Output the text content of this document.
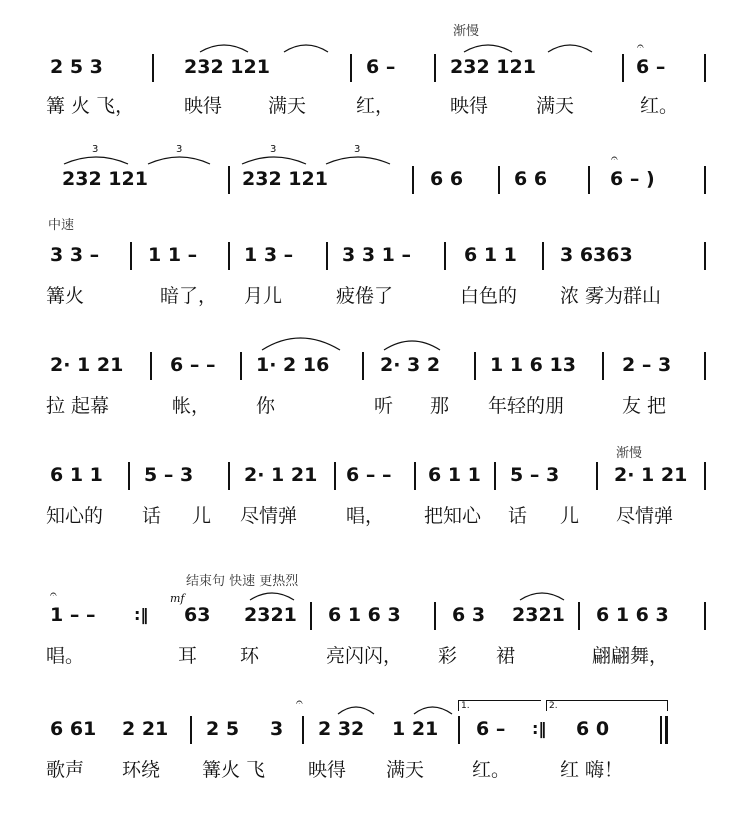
渐慢
𝄐
2 5 3	232 121	6 –	232 121	6 –
篝 火 飞，	映得 满天	红，	映得	满天	红。
𝄐
232 121	232 121	6 6	6 6	6 – )
中速
3 3 –	1 1 – 1 3 –	3 3 1 –	6 1 1 3 6363
篝火	暗了， 月儿	疲倦了	白色的 浓 雾为群山
2· 1 21 6 – – 1· 2 16	2· 3 2	1 1 6 13 2 – 3
拉 起幕	帐， 你	听 那 年轻的朋	友 把
渐慢
6 1 1 5 – 3	2· 1 21 6 – – 6 1 1 5 – 3	2· 1 21
知心的 话 儿 尽情弹	唱， 把知心 话 儿 尽情弹
结束句 快速 更热烈
𝄐	mf
1 – – :‖ 63 2321 6 1 6 3	6 3 2321 6 1 6 3
唱。	耳 环	亮闪闪， 彩 裙	翩翩舞，
𝄐	1.	2.
6 61 2 21 2 5 3 2 32 1 21 6 – :‖ 6 0
歌声 环绕 篝火 飞 映得 满天	红。	红 嗨！
3	3	3	3
